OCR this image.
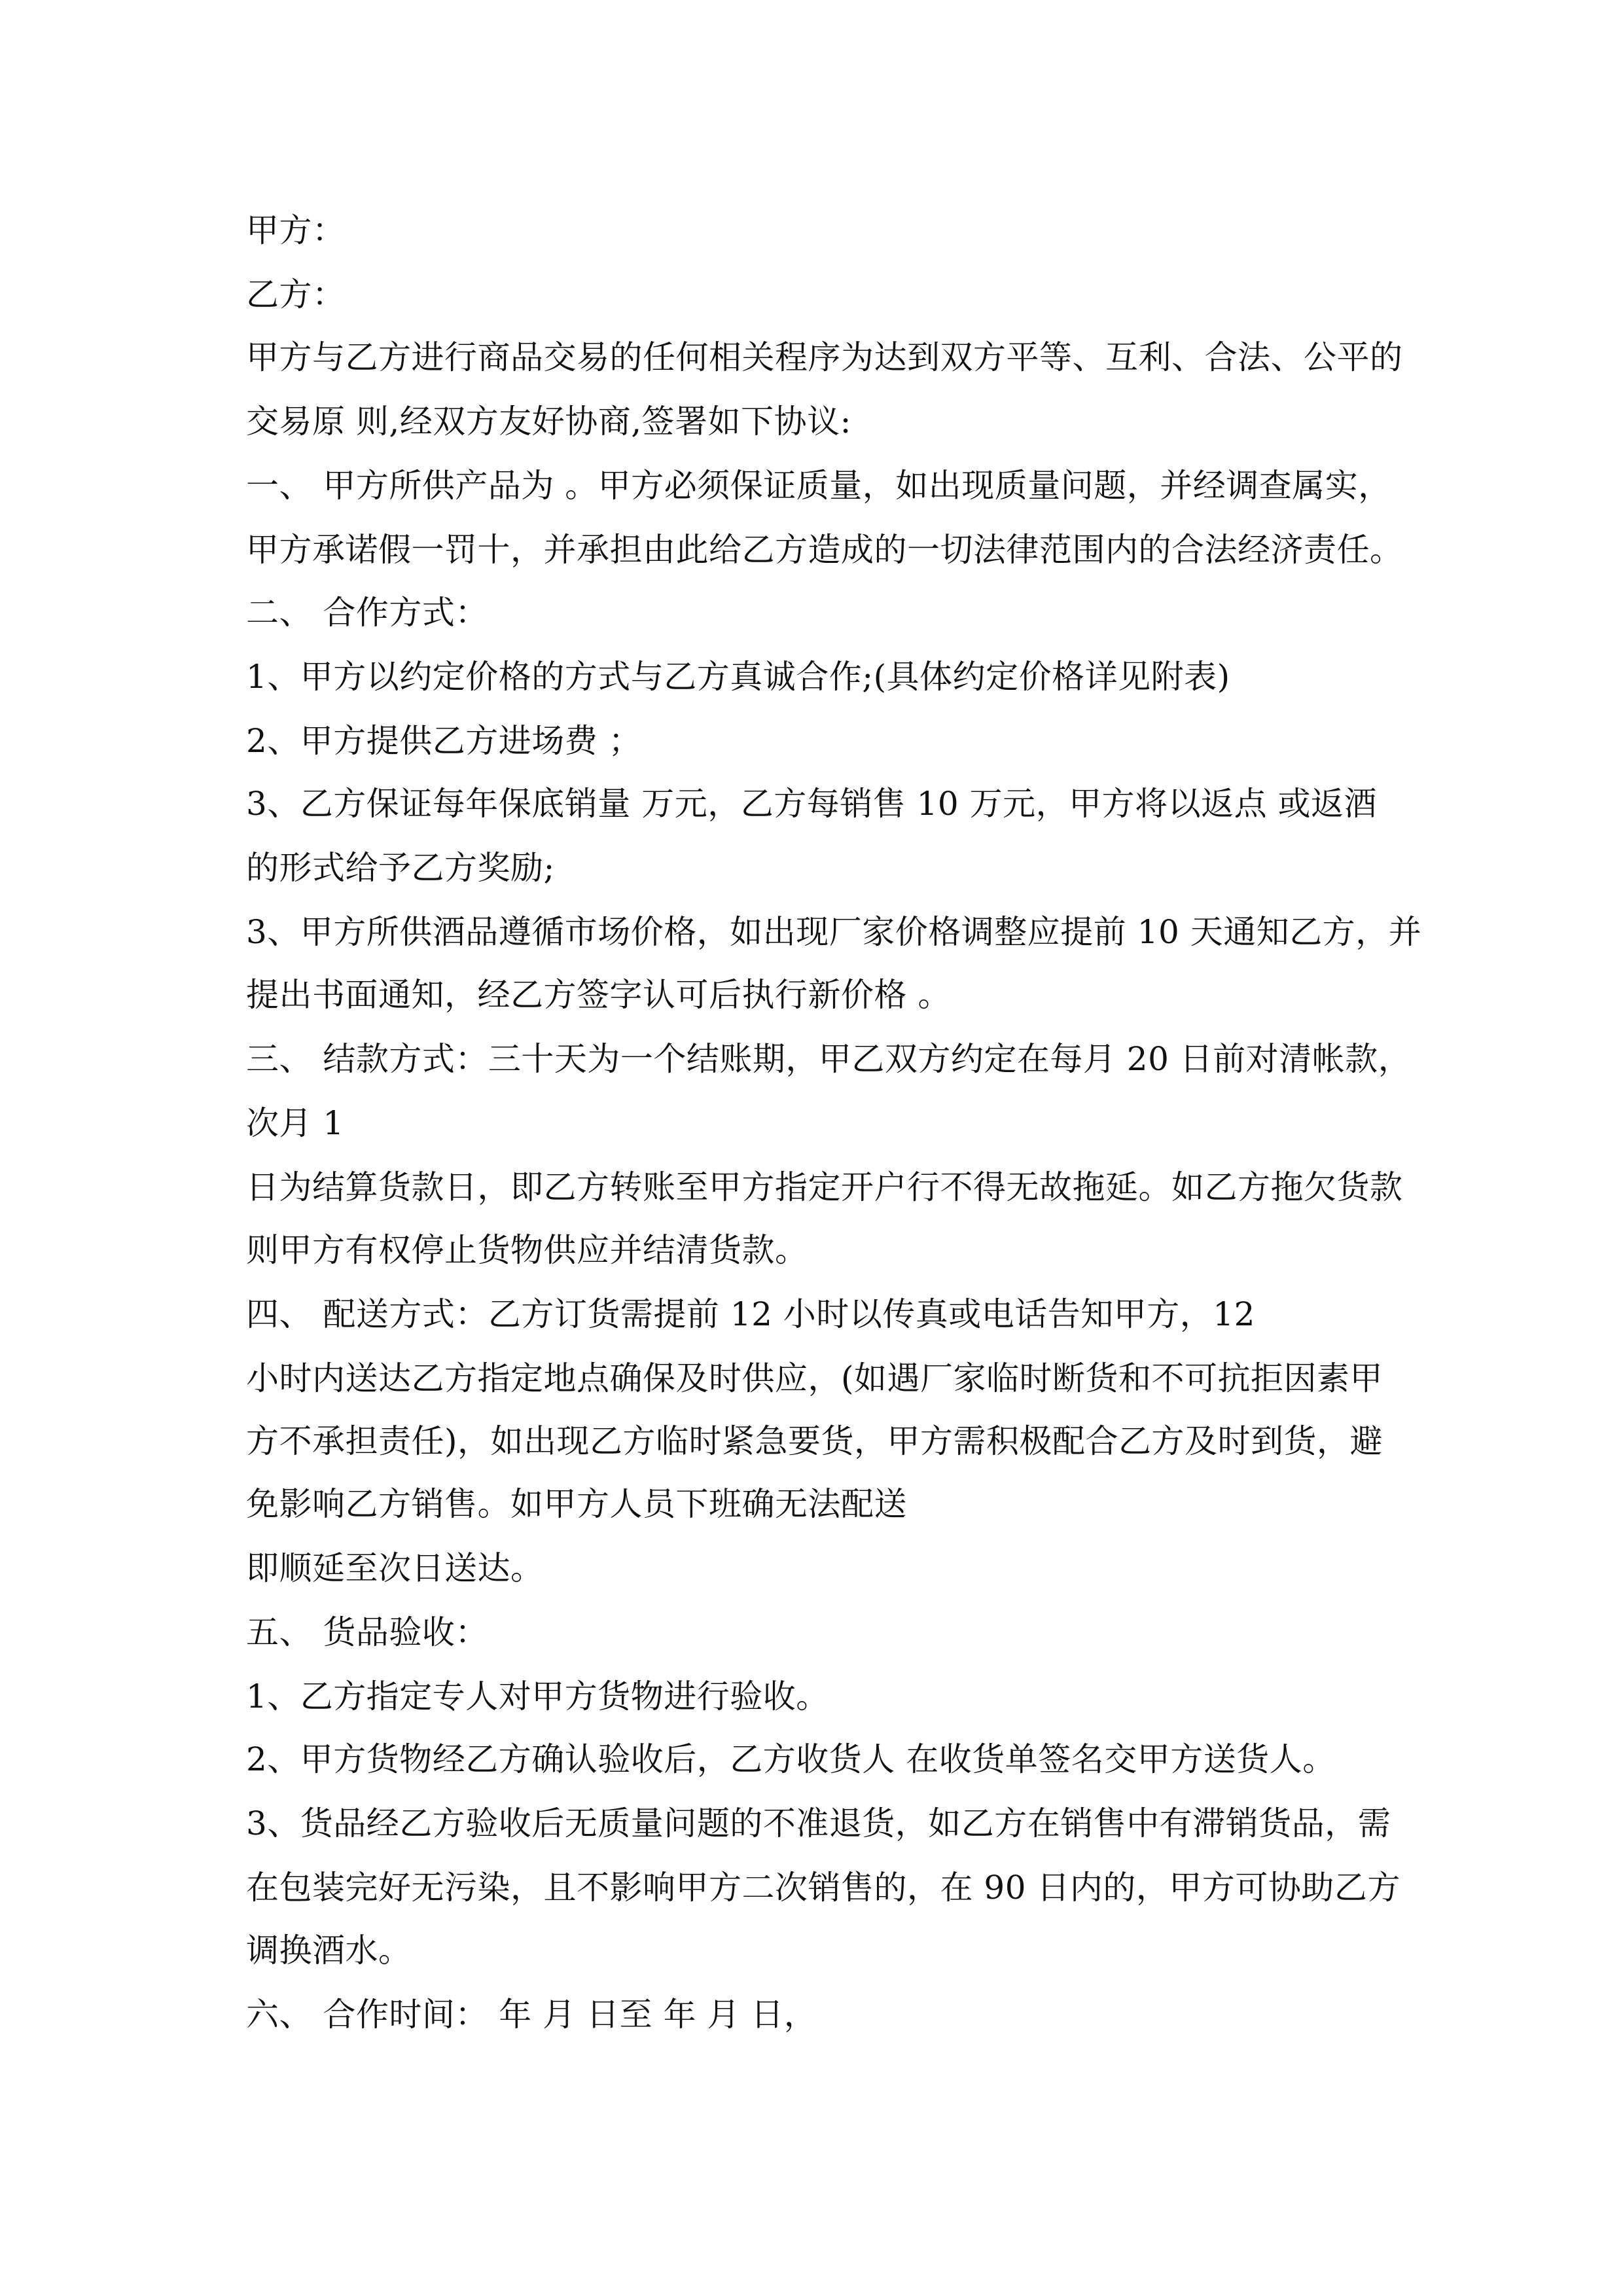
甲方：
乙方：
甲方与乙方进行商品交易的任何相关程序为达到双方平等、互利、合法、公平的
交易原 则,经双方友好协商,签署如下协议:
一、 甲方所供产品为 。甲方必须保证质量，如出现质量问题，并经调查属实，
甲方承诺假一罚十，并承担由此给乙方造成的一切法律范围内的合法经济责任。
二、 合作方式：
1、甲方以约定价格的方式与乙方真诚合作;(具体约定价格详见附表)
2、甲方提供乙方进场费 ；
3、乙方保证每年保底销量 万元，乙方每销售 10 万元，甲方将以返点 或返酒
的形式给予乙方奖励;
3、甲方所供酒品遵循市场价格，如出现厂家价格调整应提前 10 天通知乙方，并
提出书面通知，经乙方签字认可后执行新价格 。
三、 结款方式：三十天为一个结账期，甲乙双方约定在每月 20 日前对清帐款，
次月 1
日为结算货款日，即乙方转账至甲方指定开户行不得无故拖延。如乙方拖欠货款
则甲方有权停止货物供应并结清货款。
四、 配送方式：乙方订货需提前 12 小时以传真或电话告知甲方，12
小时内送达乙方指定地点确保及时供应，(如遇厂家临时断货和不可抗拒因素甲
方不承担责任)，如出现乙方临时紧急要货，甲方需积极配合乙方及时到货，避
免影响乙方销售。如甲方人员下班确无法配送
即顺延至次日送达。
五、 货品验收：
1、乙方指定专人对甲方货物进行验收。
2、甲方货物经乙方确认验收后，乙方收货人 在收货单签名交甲方送货人。
3、货品经乙方验收后无质量问题的不准退货，如乙方在销售中有滞销货品，需
在包装完好无污染，且不影响甲方二次销售的，在 90 日内的，甲方可协助乙方
调换酒水。
六、 合作时间： 年 月 日至 年 月 日，
